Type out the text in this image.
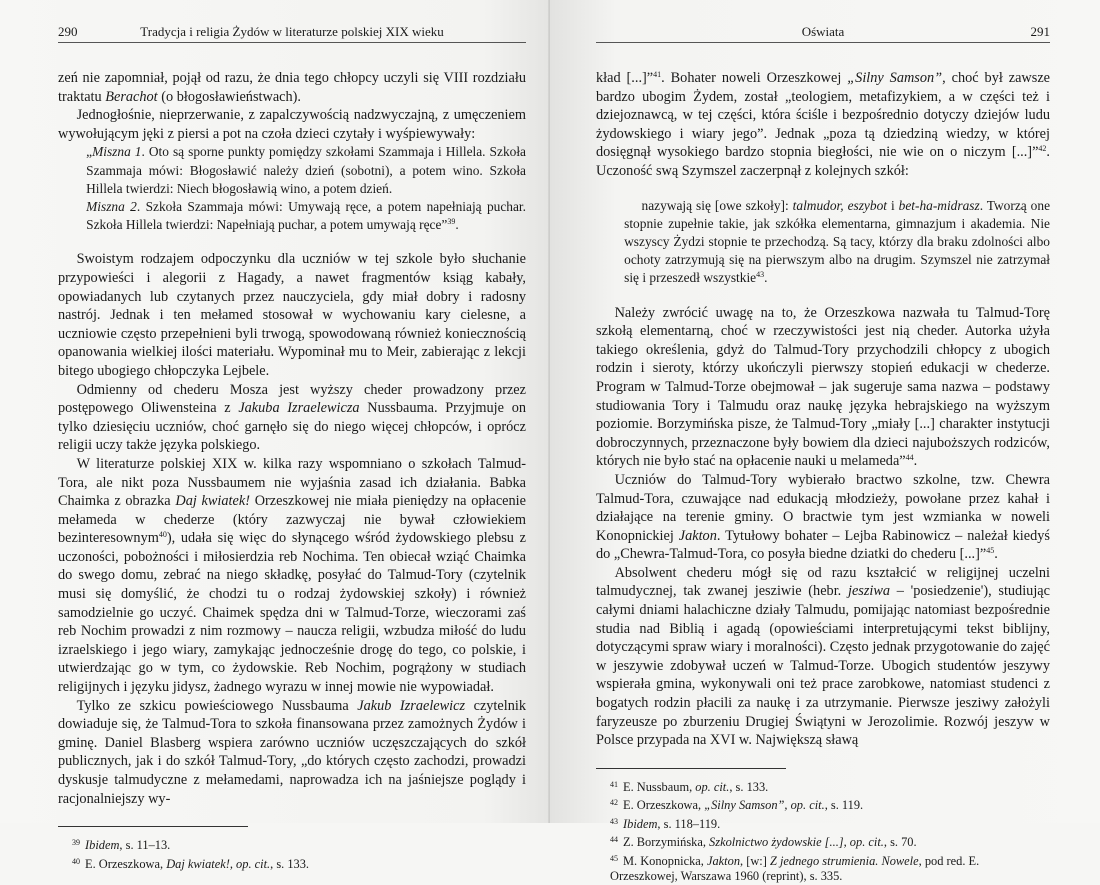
290	Tradycja i religia Żydów w literaturze polskiej XIX wieku

zeń nie zapomniał, pojął od razu, że dnia tego chłopcy uczyli się VIII rozdziału traktatu Berachot (o błogosławieństwach).

Jednogłośnie, nieprzerwanie, z zapalczywością nadzwyczajną, z umęczeniem wywołującym jęki z piersi a pot na czoła dzieci czytały i wyśpiewywały:

„Miszna 1. Oto są sporne punkty pomiędzy szkołami Szammaja i Hillela. Szkoła Szammaja mówi: Błogosławić należy dzień (sobotni), a potem wino. Szkoła Hillela twierdzi: Niech błogosławią wino, a potem dzień.
Miszna 2. Szkoła Szammaja mówi: Umywają ręce, a potem napełniają puchar. Szkoła Hillela twierdzi: Napełniają puchar, a potem umywają ręce”$^{39}$.

Swoistym rodzajem odpoczynku dla uczniów w tej szkole było słuchanie przypowieści i alegorii z Hagady, a nawet fragmentów ksiąg kabały, opowiadanych lub czytanych przez nauczyciela, gdy miał dobry i radosny nastrój. Jednak i ten mełamed stosował w wychowaniu kary cielesne, a uczniowie często przepełnieni byli trwogą, spowodowaną również koniecznością opanowania wielkiej ilości materiału. Wypominał mu to Meir, zabierając z lekcji bitego ubogiego chłopczyka Lejbele.

Odmienny od chederu Mosza jest wyższy cheder prowadzony przez postępowego Oliwensteina z Jakuba Izraelewicza Nussbauma. Przyjmuje on tylko dziesięciu uczniów, choć garnęło się do niego więcej chłopców, i oprócz religii uczy także języka polskiego.

W literaturze polskiej XIX w. kilka razy wspomniano o szkołach Talmud-Tora, ale nikt poza Nussbaumem nie wyjaśnia zasad ich działania. Babka Chaimka z obrazka Daj kwiatek! Orzeszkowej nie miała pieniędzy na opłacenie mełameda w chederze (który zazwyczaj nie bywał człowiekiem bezinteresownym$^{40}$), udała się więc do słynącego wśród żydowskiego plebsu z uczoności, pobożności i miłosierdzia reb Nochima. Ten obiecał wziąć Chaimka do swego domu, zebrać na niego składkę, posyłać do Talmud-Tory (czytelnik musi się domyślić, że chodzi tu o rodzaj żydowskiej szkoły) i również samodzielnie go uczyć. Chaimek spędza dni w Talmud-Torze, wieczorami zaś reb Nochim prowadzi z nim rozmowy – naucza religii, wzbudza miłość do ludu izraelskiego i jego wiary, zamykając jednocześnie drogę do tego, co polskie, i utwierdzając go w tym, co żydowskie. Reb Nochim, pogrążony w studiach religijnych i języku jidysz, żadnego wyrazu w innej mowie nie wypowiadał.

Tylko ze szkicu powieściowego Nussbauma Jakub Izraelewicz czytelnik dowiaduje się, że Talmud-Tora to szkoła finansowana przez zamożnych Żydów i gminę. Daniel Blasberg wspiera zarówno uczniów uczęszczających do szkół publicznych, jak i do szkół Talmud-Tory, „do których często zachodzi, prowadzi dyskusje talmudyczne z mełamedami, naprowadza ich na jaśniejsze poglądy i racjonalniejszy wy-

$^{39}$ Ibidem, s. 11–13.
$^{40}$ E. Orzeszkowa, Daj kwiatek!, op. cit., s. 133.
Oświata	291

kład [...]”$^{41}$. Bohater noweli Orzeszkowej „Silny Samson”, choć był zawsze bardzo ubogim Żydem, został „teologiem, metafizykiem, a w części też i dziejoznawcą, w tej części, która ściśle i bezpośrednio dotyczy dziejów ludu żydowskiego i wiary jego”. Jednak „poza tą dziedziną wiedzy, w której dosięgnął wysokiego bardzo stopnia biegłości, nie wie on o niczym [...]”$^{42}$. Uczoność swą Szymszel zaczerpnął z kolejnych szkół:

nazywają się [owe szkoły]: talmudor, eszybot i bet-ha-midrasz. Tworzą one stopnie zupełnie takie, jak szkółka elementarna, gimnazjum i akademia. Nie wszyscy Żydzi stopnie te przechodzą. Są tacy, którzy dla braku zdolności albo ochoty zatrzymują się na pierwszym albo na drugim. Szymszel nie zatrzymał się i przeszedł wszystkie$^{43}$.

Należy zwrócić uwagę na to, że Orzeszkowa nazwała tu Talmud-Torę szkołą elementarną, choć w rzeczywistości jest nią cheder. Autorka użyła takiego określenia, gdyż do Talmud-Tory przychodzili chłopcy z ubogich rodzin i sieroty, którzy ukończyli pierwszy stopień edukacji w chederze. Program w Talmud-Torze obejmował – jak sugeruje sama nazwa – podstawy studiowania Tory i Talmudu oraz naukę języka hebrajskiego na wyższym poziomie. Borzymińska pisze, że Talmud-Tory „miały [...] charakter instytucji dobroczynnych, przeznaczone były bowiem dla dzieci najuboższych rodziców, których nie było stać na opłacenie nauki u melameda”$^{44}$.

Uczniów do Talmud-Tory wybierało bractwo szkolne, tzw. Chewra Talmud-Tora, czuwające nad edukacją młodzieży, powołane przez kahał i działające na terenie gminy. O bractwie tym jest wzmianka w noweli Konopnickiej Jakton. Tytułowy bohater – Lejba Rabinowicz – należał kiedyś do „Chewra-Talmud-Tora, co posyła biedne dziatki do chederu [...]”$^{45}$.

Absolwent chederu mógł się od razu kształcić w religijnej uczelni talmudycznej, tak zwanej jesziwie (hebr. jesziwa – 'posiedzenie'), studiując całymi dniami halachiczne działy Talmudu, pomijając natomiast bezpośrednie studia nad Biblią i agadą (opowieściami interpretującymi tekst biblijny, dotyczącymi spraw wiary i moralności). Często jednak przygotowanie do zajęć w jeszywie zdobywał uczeń w Talmud-Torze. Ubogich studentów jeszywy wspierała gmina, wykonywali oni też prace zarobkowe, natomiast studenci z bogatych rodzin płacili za naukę i za utrzymanie. Pierwsze jesziwy założyli faryzeusze po zburzeniu Drugiej Świątyni w Jerozolimie. Rozwój jeszyw w Polsce przypada na XVI w. Największą sławą

$^{41}$ E. Nussbaum, op. cit., s. 133.
$^{42}$ E. Orzeszkowa, „Silny Samson”, op. cit., s. 119.
$^{43}$ Ibidem, s. 118–119.
$^{44}$ Z. Borzymińska, Szkolnictwo żydowskie [...], op. cit., s. 70.
$^{45}$ M. Konopnicka, Jakton, [w:] Z jednego strumienia. Nowele, pod red. E. Orzeszkowej, Warszawa 1960 (reprint), s. 335.
